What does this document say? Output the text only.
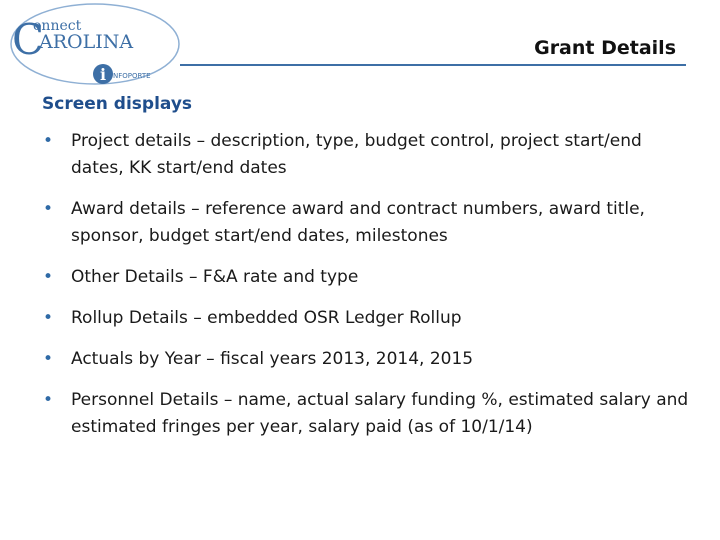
C
onnect
AROLINA
i NFOPORTE
Grant Details
Screen displays
• Project details – description, type, budget control, project start/end dates, KK start/end dates
• Award details – reference award and contract numbers, award title, sponsor, budget start/end dates, milestones
• Other Details – F&A rate and type
• Rollup Details – embedded OSR Ledger Rollup
• Actuals by Year – fiscal years 2013, 2014, 2015
• Personnel Details – name, actual salary funding %, estimated salary and estimated fringes per year, salary paid (as of 10/1/14)
